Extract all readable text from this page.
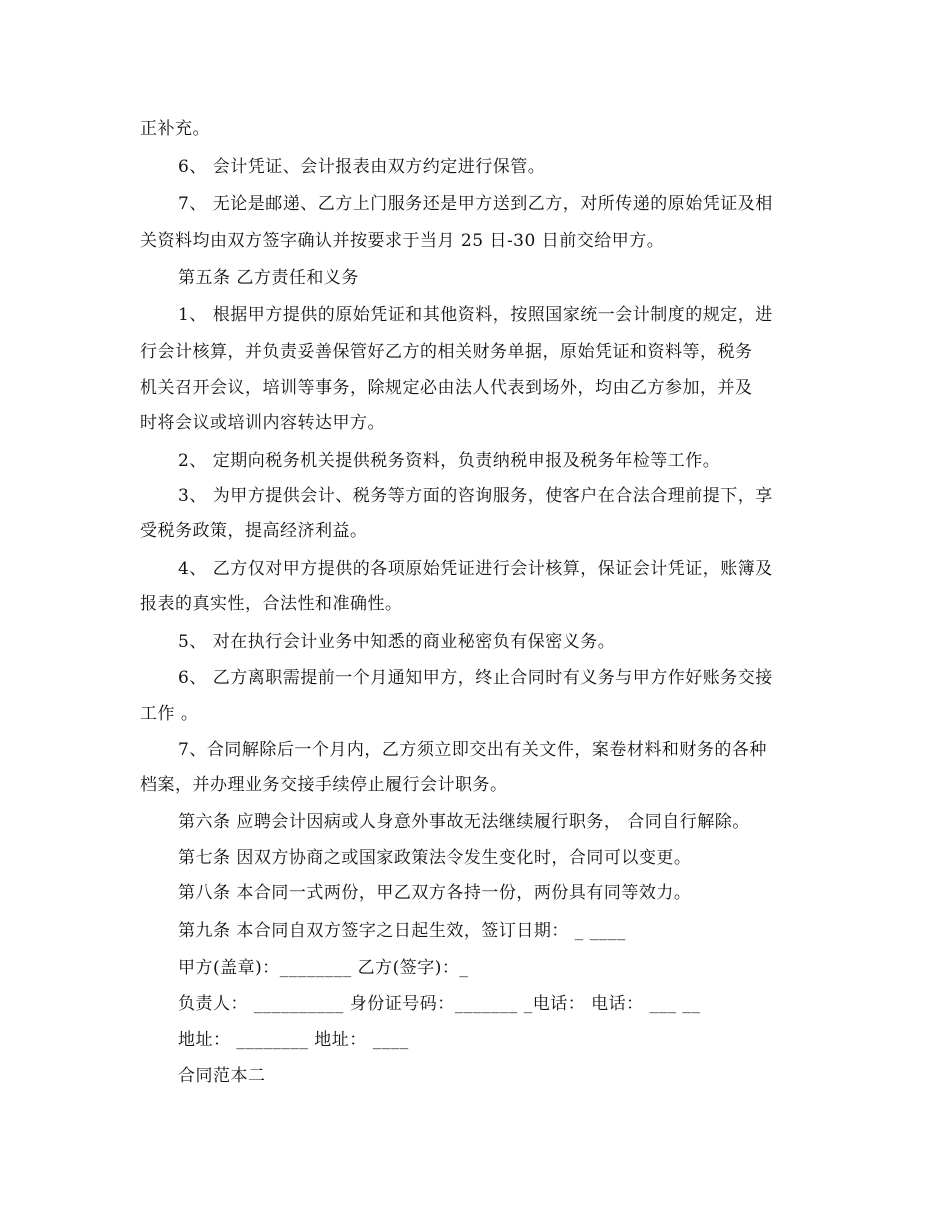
正补充。
6、 会计凭证、会计报表由双方约定进行保管。
7、 无论是邮递、乙方上门服务还是甲方送到乙方，对所传递的原始凭证及相
关资料均由双方签字确认并按要求于当月 25 日-30 日前交给甲方。
第五条 乙方责任和义务
1、 根据甲方提供的原始凭证和其他资料，按照国家统一会计制度的规定，进
行会计核算，并负责妥善保管好乙方的相关财务单据，原始凭证和资料等，税务
机关召开会议，培训等事务，除规定必由法人代表到场外，均由乙方参加，并及
时将会议或培训内容转达甲方。
2、 定期向税务机关提供税务资料，负责纳税申报及税务年检等工作。
3、 为甲方提供会计、税务等方面的咨询服务，使客户在合法合理前提下，享
受税务政策，提高经济利益。
4、 乙方仅对甲方提供的各项原始凭证进行会计核算，保证会计凭证，账簿及
报表的真实性，合法性和准确性。
5、 对在执行会计业务中知悉的商业秘密负有保密义务。
6、 乙方离职需提前一个月通知甲方，终止合同时有义务与甲方作好账务交接
工作 。
7、合同解除后一个月内，乙方须立即交出有关文件，案卷材料和财务的各种
档案，并办理业务交接手续停止履行会计职务。
第六条 应聘会计因病或人身意外事故无法继续履行职务， 合同自行解除。
第七条 因双方协商之或国家政策法令发生变化时，合同可以变更。
第八条 本合同一式两份，甲乙双方各持一份，两份具有同等效力。
第九条 本合同自双方签字之日起生效，签订日期： _ ____
甲方(盖章)：________ 乙方(签字)：_
负责人： __________ 身份证号码：_______ _电话： 电话： ___ __
地址： ________ 地址： ____
合同范本二
